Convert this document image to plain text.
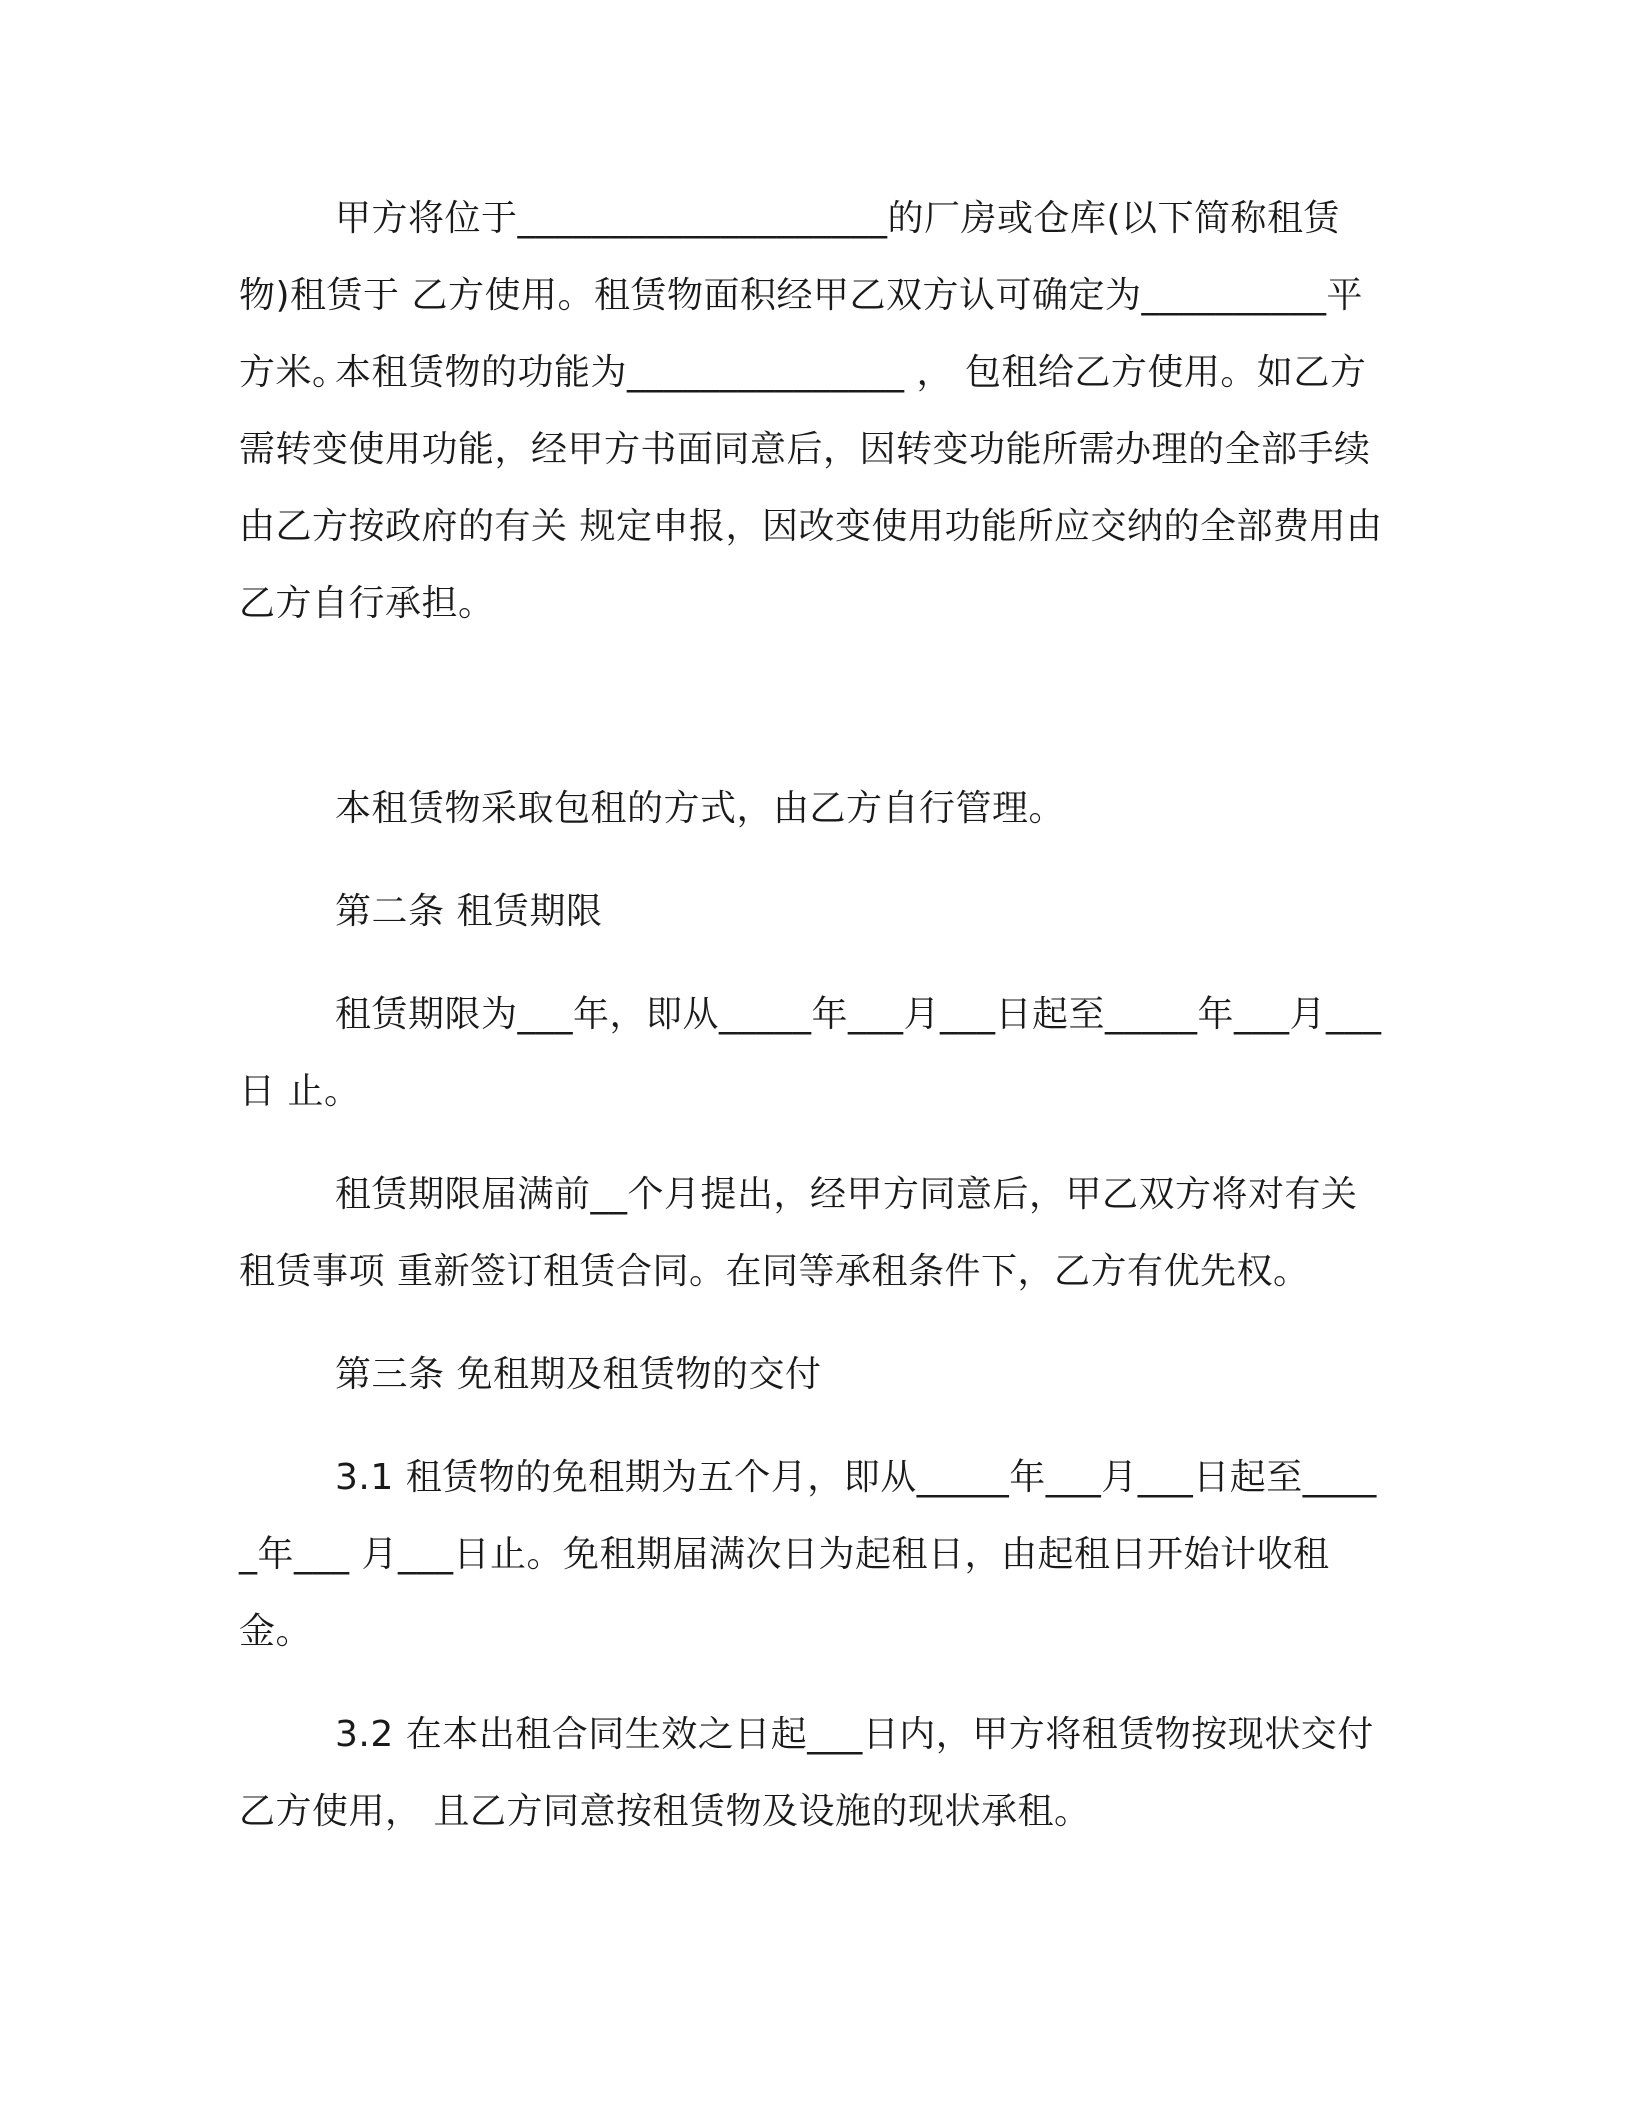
甲方将位于____________________的厂房或仓库(以下简称租赁物)租赁于 乙方使用。租赁物面积经甲乙双方认可确定为__________平方米。

本租赁物的功能为_______________ ， 包租给乙方使用。如乙方需转变使用功能，经甲方书面同意后，因转变功能所需办理的全部手续由乙方按政府的有关 规定申报，因改变使用功能所应交纳的全部费用由乙方自行承担。

本租赁物采取包租的方式，由乙方自行管理。

第二条 租赁期限

租赁期限为___年，即从_____年___月___日起至_____年___月___日 止。

租赁期限届满前__个月提出，经甲方同意后，甲乙双方将对有关租赁事项 重新签订租赁合同。在同等承租条件下，乙方有优先权。

第三条 免租期及租赁物的交付

3.1 租赁物的免租期为五个月，即从_____年___月___日起至_____年___ 月___日止。免租期届满次日为起租日，由起租日开始计收租金。

3.2 在本出租合同生效之日起___日内，甲方将租赁物按现状交付乙方使用， 且乙方同意按租赁物及设施的现状承租。
